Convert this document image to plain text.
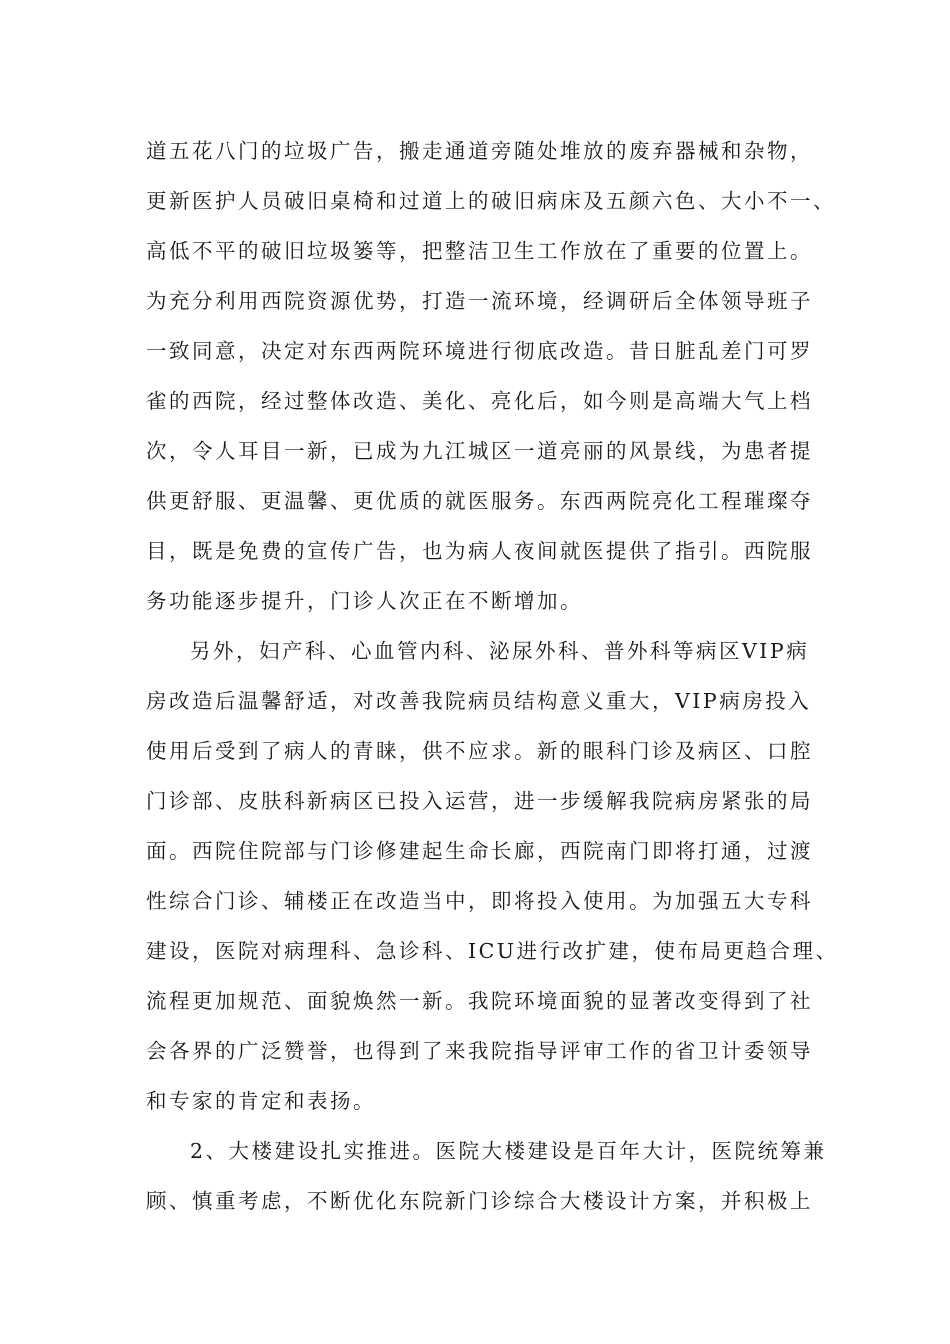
道五花八门的垃圾广告，搬走通道旁随处堆放的废弃器械和杂物，
更新医护人员破旧桌椅和过道上的破旧病床及五颜六色、大小不一、
高低不平的破旧垃圾篓等，把整洁卫生工作放在了重要的位置上。
为充分利用西院资源优势，打造一流环境，经调研后全体领导班子
一致同意，决定对东西两院环境进行彻底改造。昔日脏乱差门可罗
雀的西院，经过整体改造、美化、亮化后，如今则是高端大气上档
次，令人耳目一新，已成为九江城区一道亮丽的风景线，为患者提
供更舒服、更温馨、更优质的就医服务。东西两院亮化工程璀璨夺
目，既是免费的宣传广告，也为病人夜间就医提供了指引。西院服
务功能逐步提升，门诊人次正在不断增加。
另外，妇产科、心血管内科、泌尿外科、普外科等病区VIP病
房改造后温馨舒适，对改善我院病员结构意义重大，VIP病房投入
使用后受到了病人的青睐，供不应求。新的眼科门诊及病区、口腔
门诊部、皮肤科新病区已投入运营，进一步缓解我院病房紧张的局
面。西院住院部与门诊修建起生命长廊，西院南门即将打通，过渡
性综合门诊、辅楼正在改造当中，即将投入使用。为加强五大专科
建设，医院对病理科、急诊科、ICU进行改扩建，使布局更趋合理、
流程更加规范、面貌焕然一新。我院环境面貌的显著改变得到了社
会各界的广泛赞誉，也得到了来我院指导评审工作的省卫计委领导
和专家的肯定和表扬。
2、大楼建设扎实推进。医院大楼建设是百年大计，医院统筹兼
顾、慎重考虑，不断优化东院新门诊综合大楼设计方案，并积极上
